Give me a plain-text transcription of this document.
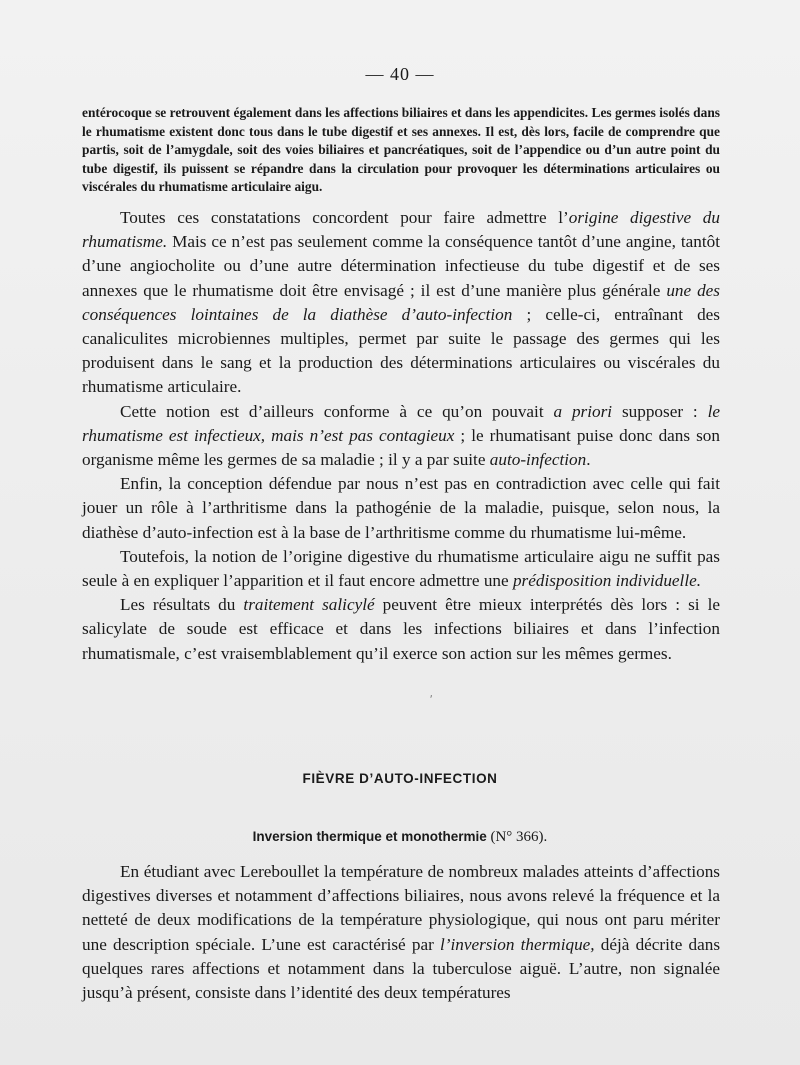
— 40 —
entérocoque se retrouvent également dans les affections biliaires et dans les appendicites. Les germes isolés dans le rhumatisme existent donc tous dans le tube digestif et ses annexes. Il est, dès lors, facile de comprendre que partis, soit de l’amygdale, soit des voies biliaires et pancréatiques, soit de l’appendice ou d’un autre point du tube digestif, ils puissent se répandre dans la circulation pour provoquer les déterminations articulaires ou viscérales du rhumatisme articulaire aigu.

Toutes ces constatations concordent pour faire admettre l’origine digestive du rhumatisme. Mais ce n’est pas seulement comme la conséquence tantôt d’une angine, tantôt d’une angiocholite ou d’une autre détermination infectieuse du tube digestif et de ses annexes que le rhumatisme doit être envisagé ; il est d’une manière plus générale une des conséquences lointaines de la diathèse d’auto-infection ; celle-ci, entraînant des canaliculites microbiennes multiples, permet par suite le passage des germes qui les produisent dans le sang et la production des déterminations articulaires ou viscérales du rhumatisme articulaire.

Cette notion est d’ailleurs conforme à ce qu’on pouvait a priori supposer : le rhumatisme est infectieux, mais n’est pas contagieux ; le rhumatisant puise donc dans son organisme même les germes de sa maladie ; il y a par suite auto-infection.

Enfin, la conception défendue par nous n’est pas en contradiction avec celle qui fait jouer un rôle à l’arthritisme dans la pathogénie de la maladie, puisque, selon nous, la diathèse d’auto-infection est à la base de l’arthritisme comme du rhumatisme lui-même.

Toutefois, la notion de l’origine digestive du rhumatisme articulaire aigu ne suffit pas seule à en expliquer l’apparition et il faut encore admettre une prédisposition individuelle.

Les résultats du traitement salicylé peuvent être mieux interprétés dès lors : si le salicylate de soude est efficace et dans les infections biliaires et dans l’infection rhumatismale, c’est vraisemblablement qu’il exerce son action sur les mêmes germes.

ʹ
FIÈVRE D’AUTO-INFECTION
Inversion thermique et monothermie (N° 366).

En étudiant avec Lereboullet la température de nombreux malades atteints d’affections digestives diverses et notamment d’affections biliaires, nous avons relevé la fréquence et la netteté de deux modifications de la température physiologique, qui nous ont paru mériter une description spéciale. L’une est caractérisé par l’inversion thermique, déjà décrite dans quelques rares affections et notamment dans la tuberculose aiguë. L’autre, non signalée jusqu’à présent, consiste dans l’identité des deux températures
